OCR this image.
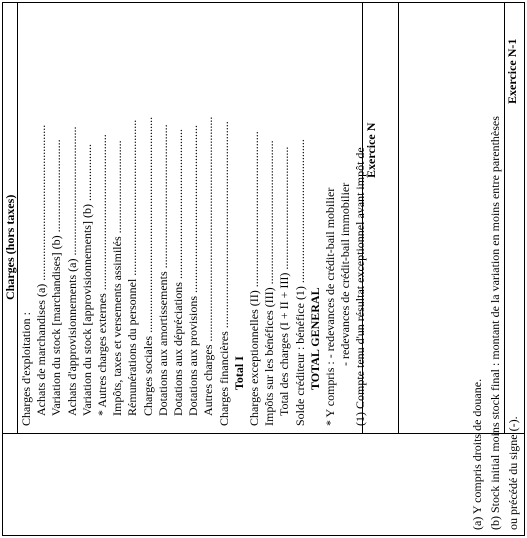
Charges (hors taxes)
Exercice N
Exercice N-1
Charges d'exploitation : Achats de marchandises (a) ....................................................
Variation du stock [marchandises] (b) ...............................
Achats d'approvisionnements (a) ...........................................
Variation du stock [approvisionnements] (b) ...................
* Autres charges externes ....................................................
Impôts, taxes et versements assimilés ...............................
Rémunérations du personnel ....................................................
Charges sociales ........................................................................
Dotations aux amortissements ................................................
Dotations aux dépréciations ..................................................
Dotations aux provisions ........................................................
Autres charges ...........................................................................
Charges financières .....................................................................
Total I Charges exceptionnelles (II) ....................................................
Impôts sur les bénéfices (III) ................................................
Total des charges (I + II + III) .........................................
Solde créditeur : bénéfice (1) ................................................
TOTAL GENERAL * Y compris : - redevances de crédit-bail mobilier - redevances de crédit-bail immobilier (1) Compte tenu d'un résultat exceptionnel avant impôt de
(a) Y compris droits de douane. (b) Stock initial moins stock final : montant de la variation en moins entre parenthèses ou précédé du signe (-).
